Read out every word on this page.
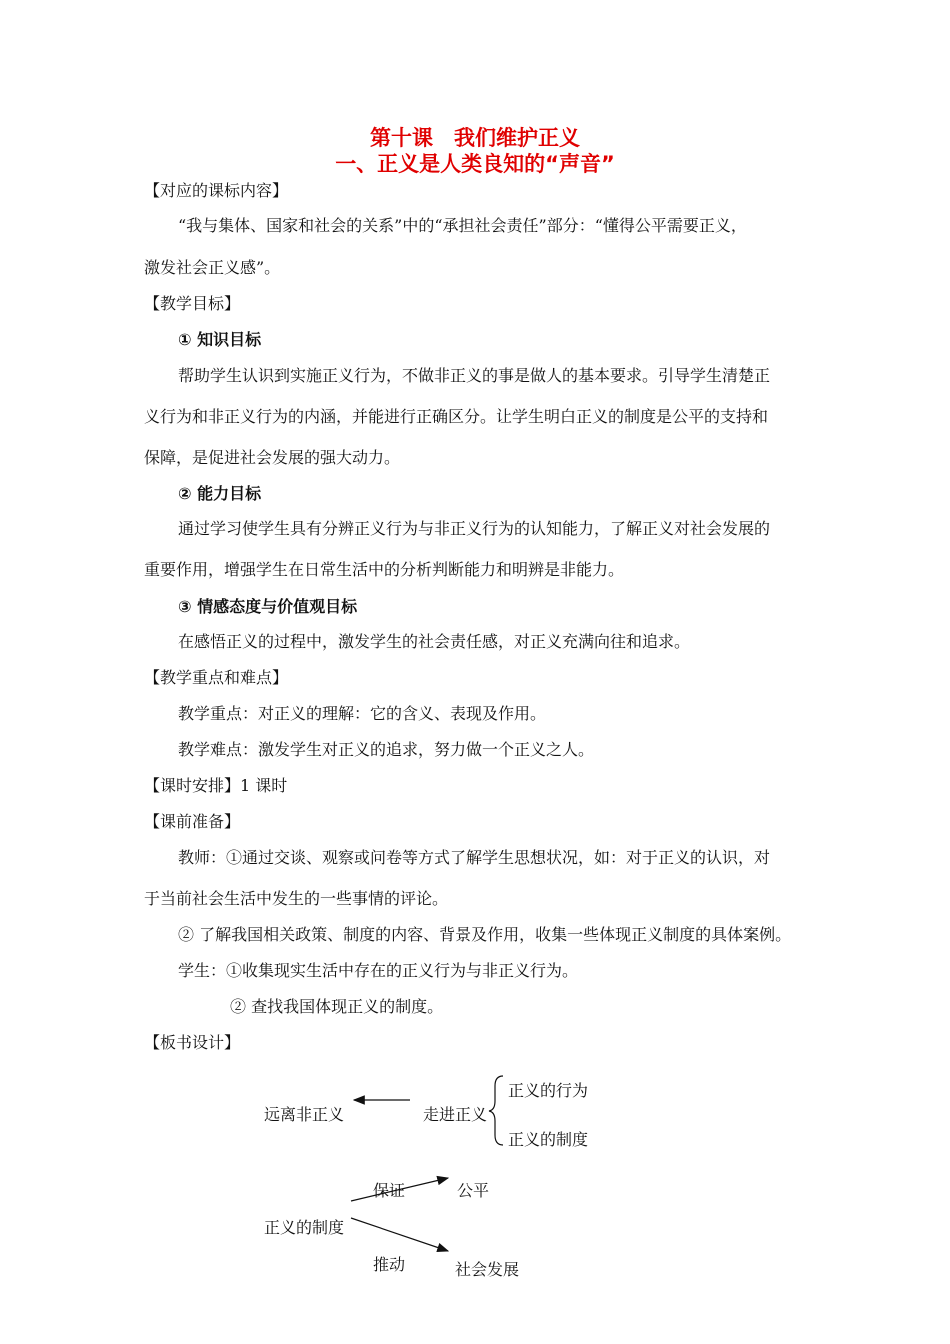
第十课　我们维护正义
一、正义是人类良知的“声音”
【对应的课标内容】
“我与集体、国家和社会的关系”中的“承担社会责任”部分：“懂得公平需要正义，
激发社会正义感”。
【教学目标】
① 知识目标
帮助学生认识到实施正义行为，不做非正义的事是做人的基本要求。引导学生清楚正
义行为和非正义行为的内涵，并能进行正确区分。让学生明白正义的制度是公平的支持和
保障，是促进社会发展的强大动力。
② 能力目标
通过学习使学生具有分辨正义行为与非正义行为的认知能力，了解正义对社会发展的
重要作用，增强学生在日常生活中的分析判断能力和明辨是非能力。
③ 情感态度与价值观目标
在感悟正义的过程中，激发学生的社会责任感，对正义充满向往和追求。
【教学重点和难点】
教学重点：对正义的理解：它的含义、表现及作用。
教学难点：激发学生对正义的追求，努力做一个正义之人。
【课时安排】1 课时
【课前准备】
教师：①通过交谈、观察或问卷等方式了解学生思想状况，如：对于正义的认识，对
于当前社会生活中发生的一些事情的评论。
② 了解我国相关政策、制度的内容、背景及作用，收集一些体现正义制度的具体案例。
学生：①收集现实生活中存在的正义行为与非正义行为。
② 查找我国体现正义的制度。
【板书设计】
远离非正义	走进正义
正义的行为
正义的制度
正义的制度
保证	公平
推动	社会发展
